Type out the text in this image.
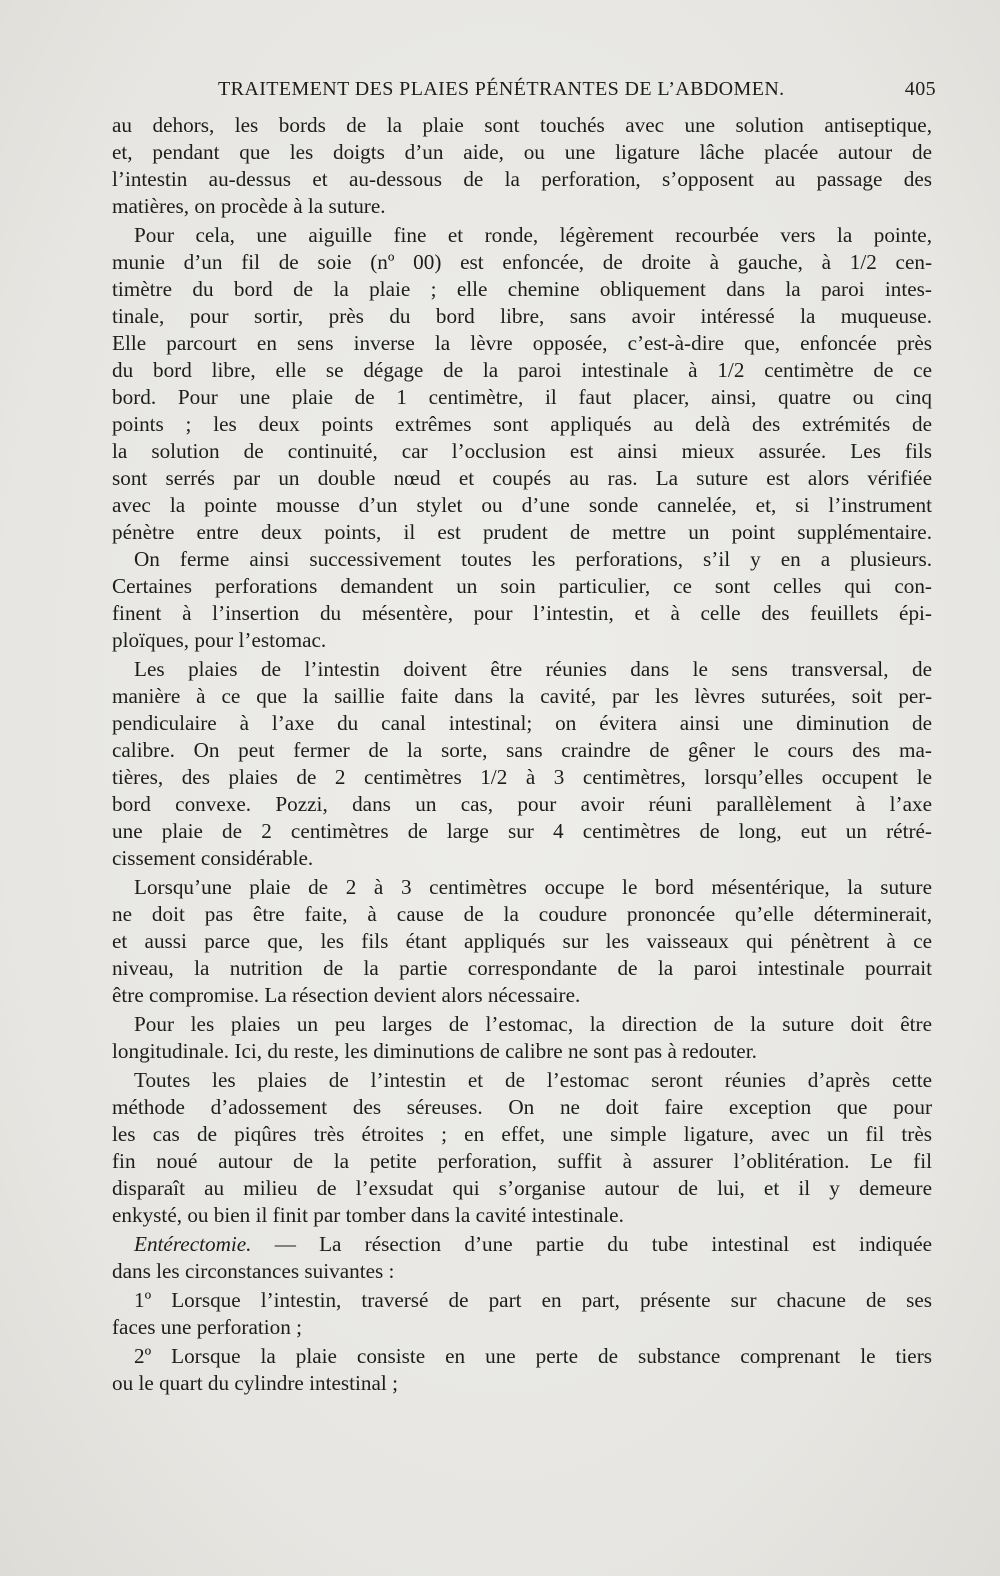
TRAITEMENT DES PLAIES PÉNÉTRANTES DE L’ABDOMEN.	405
au dehors, les bords de la plaie sont touchés avec une solution antiseptique,
et, pendant que les doigts d’un aide, ou une ligature lâche placée autour de
l’intestin au-dessus et au-dessous de la perforation, s’opposent au passage des
matières, on procède à la suture.
Pour cela, une aiguille fine et ronde, légèrement recourbée vers la pointe,
munie d’un fil de soie (nº 00) est enfoncée, de droite à gauche, à 1/2 cen-
timètre du bord de la plaie ; elle chemine obliquement dans la paroi intes-
tinale, pour sortir, près du bord libre, sans avoir intéressé la muqueuse.
Elle parcourt en sens inverse la lèvre opposée, c’est-à-dire que, enfoncée près
du bord libre, elle se dégage de la paroi intestinale à 1/2 centimètre de ce
bord. Pour une plaie de 1 centimètre, il faut placer, ainsi, quatre ou cinq
points ; les deux points extrêmes sont appliqués au delà des extrémités de
la solution de continuité, car l’occlusion est ainsi mieux assurée. Les fils
sont serrés par un double nœud et coupés au ras. La suture est alors vérifiée
avec la pointe mousse d’un stylet ou d’une sonde cannelée, et, si l’instrument
pénètre entre deux points, il est prudent de mettre un point supplémentaire.
On ferme ainsi successivement toutes les perforations, s’il y en a plusieurs.
Certaines perforations demandent un soin particulier, ce sont celles qui con-
finent à l’insertion du mésentère, pour l’intestin, et à celle des feuillets épi-
ploïques, pour l’estomac.
Les plaies de l’intestin doivent être réunies dans le sens transversal, de
manière à ce que la saillie faite dans la cavité, par les lèvres suturées, soit per-
pendiculaire à l’axe du canal intestinal; on évitera ainsi une diminution de
calibre. On peut fermer de la sorte, sans craindre de gêner le cours des ma-
tières, des plaies de 2 centimètres 1/2 à 3 centimètres, lorsqu’elles occupent le
bord convexe. Pozzi, dans un cas, pour avoir réuni parallèlement à l’axe
une plaie de 2 centimètres de large sur 4 centimètres de long, eut un rétré-
cissement considérable.
Lorsqu’une plaie de 2 à 3 centimètres occupe le bord mésentérique, la suture
ne doit pas être faite, à cause de la coudure prononcée qu’elle déterminerait,
et aussi parce que, les fils étant appliqués sur les vaisseaux qui pénètrent à ce
niveau, la nutrition de la partie correspondante de la paroi intestinale pourrait
être compromise. La résection devient alors nécessaire.
Pour les plaies un peu larges de l’estomac, la direction de la suture doit être
longitudinale. Ici, du reste, les diminutions de calibre ne sont pas à redouter.
Toutes les plaies de l’intestin et de l’estomac seront réunies d’après cette
méthode d’adossement des séreuses. On ne doit faire exception que pour
les cas de piqûres très étroites ; en effet, une simple ligature, avec un fil très
fin noué autour de la petite perforation, suffit à assurer l’oblitération. Le fil
disparaît au milieu de l’exsudat qui s’organise autour de lui, et il y demeure
enkysté, ou bien il finit par tomber dans la cavité intestinale.
Entérectomie. — La résection d’une partie du tube intestinal est indiquée
dans les circonstances suivantes :
1º Lorsque l’intestin, traversé de part en part, présente sur chacune de ses
faces une perforation ;
2º Lorsque la plaie consiste en une perte de substance comprenant le tiers
ou le quart du cylindre intestinal ;
